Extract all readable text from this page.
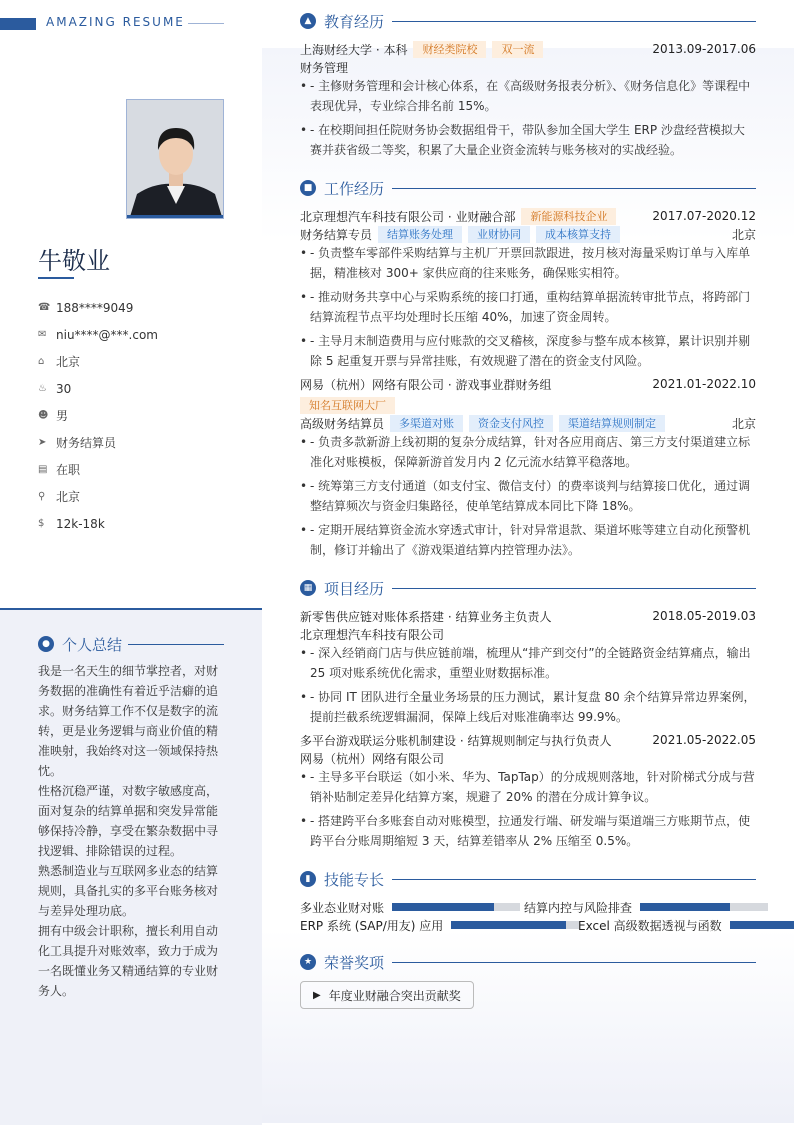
AMAZING RESUME
牛敬业
☎ 188****9049
✉ niu****@***.com
⌂ 北京
♨ 30
☻ 男
➤ 财务结算员
▤ 在职
⚲ 北京
$ 12k-18k
● 个人总结

我是一名天生的细节掌控者，对财务数据的准确性有着近乎洁癖的追求。财务结算工作不仅是数字的流转，更是业务逻辑与商业价值的精准映射，我始终对这一领域保持热忱。

性格沉稳严谨，对数字敏感度高，面对复杂的结算单据和突发异常能够保持冷静，享受在繁杂数据中寻找逻辑、排除错误的过程。

熟悉制造业与互联网多业态的结算规则，具备扎实的多平台账务核对与差异处理功底。

拥有中级会计职称，擅长利用自动化工具提升对账效率，致力于成为一名既懂业务又精通结算的专业财务人。

▲ 教育经历
上海财经大学 · 本科	财经类院校	双一流	2013.09-2017.06
财务管理
• - 主修财务管理和会计核心体系，在《高级财务报表分析》、《财务信息化》等课程中表现优异，专业综合排名前 15%。
• - 在校期间担任院财务协会数据组骨干，带队参加全国大学生 ERP 沙盘经营模拟大赛并获省级二等奖，积累了大量企业资金流转与账务核对的实战经验。
■ 工作经历
北京理想汽车科技有限公司 · 业财融合部	新能源科技企业	2017.07-2020.12
财务结算专员	结算账务处理	业财协同	成本核算支持	北京
• - 负责整车零部件采购结算与主机厂开票回款跟进，按月核对海量采购订单与入库单据，精准核对 300+ 家供应商的往来账务，确保账实相符。
• - 推动财务共享中心与采购系统的接口打通，重构结算单据流转审批节点，将跨部门结算流程节点平均处理时长压缩 40%，加速了资金周转。
• - 主导月末制造费用与应付账款的交叉稽核，深度参与整车成本核算，累计识别并剔除 5 起重复开票与异常挂账，有效规避了潜在的资金支付风险。
网易（杭州）网络有限公司 · 游戏事业群财务组	2021.01-2022.10
知名互联网大厂
高级财务结算员	多渠道对账	资金支付风控	渠道结算规则制定	北京
• - 负责多款新游上线初期的复杂分成结算，针对各应用商店、第三方支付渠道建立标准化对账模板，保障新游首发月内 2 亿元流水结算平稳落地。
• - 统筹第三方支付通道（如支付宝、微信支付）的费率谈判与结算接口优化，通过调整结算频次与资金归集路径，使单笔结算成本同比下降 18%。
• - 定期开展结算资金流水穿透式审计，针对异常退款、渠道坏账等建立自动化预警机制，修订并输出了《游戏渠道结算内控管理办法》。
▦ 项目经历
新零售供应链对账体系搭建 · 结算业务主负责人	2018.05-2019.03
北京理想汽车科技有限公司
• - 深入经销商门店与供应链前端，梳理从“排产到交付”的全链路资金结算痛点，输出 25 项对账系统优化需求，重塑业财数据标准。
• - 协同 IT 团队进行全量业务场景的压力测试，累计复盘 80 余个结算异常边界案例，提前拦截系统逻辑漏洞，保障上线后对账准确率达 99.9%。
多平台游戏联运分账机制建设 · 结算规则制定与执行负责人	2021.05-2022.05
网易（杭州）网络有限公司
• - 主导多平台联运（如小米、华为、TapTap）的分成规则落地，针对阶梯式分成与营销补贴制定差异化结算方案，规避了 20% 的潜在分成计算争议。
• - 搭建跨平台多账套自动对账模型，拉通发行端、研发端与渠道端三方账期节点，使跨平台分账周期缩短 3 天，结算差错率从 2% 压缩至 0.5%。
▮ 技能专长
多业态业财对账	结算内控与风险排查
ERP 系统 (SAP/用友) 应用	Excel 高级数据透视与函数
★ 荣誉奖项
▶ 年度业财融合突出贡献奖
